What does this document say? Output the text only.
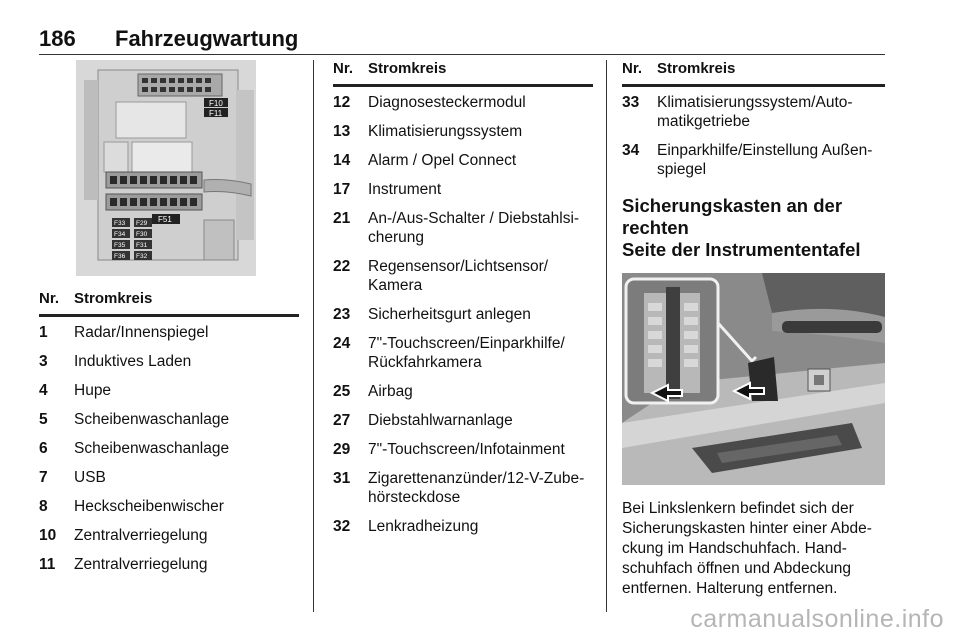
186 Fahrzeugwartung
F10
F11
F51
F33
F34
F35
F36
F29
F30
F31
F32
Nr. Stromkreis
1	Radar/Innenspiegel
3	Induktives Laden
4	Hupe
5	Scheibenwaschanlage
6	Scheibenwaschanlage
7	USB
8	Heckscheibenwischer
10	Zentralverriegelung
11	Zentralverriegelung
Nr. Stromkreis
12	Diagnosesteckermodul
13	Klimatisierungssystem
14	Alarm / Opel Connect
17	Instrument
21	An-/Aus-Schalter / Diebstahlsi-
cherung
22	Regensensor/Lichtsensor/
Kamera
23	Sicherheitsgurt anlegen
24	7"-Touchscreen/Einparkhilfe/
Rückfahrkamera
25	Airbag
27	Diebstahlwarnanlage
29	7"-Touchscreen/Infotainment
31	Zigarettenanzünder/12-V-Zube-
hörsteckdose
32	Lenkradheizung
Nr. Stromkreis
33	Klimatisierungssystem/Auto-
matikgetriebe
34	Einparkhilfe/Einstellung Außen-
spiegel
Sicherungskasten an der rechten
Seite der Instrumententafel
Bei Linkslenkern befindet sich der
Sicherungskasten hinter einer Abde-
ckung im Handschuhfach. Hand-
schuhfach öffnen und Abdeckung
entfernen. Halterung entfernen.
carmanualsonline.info
